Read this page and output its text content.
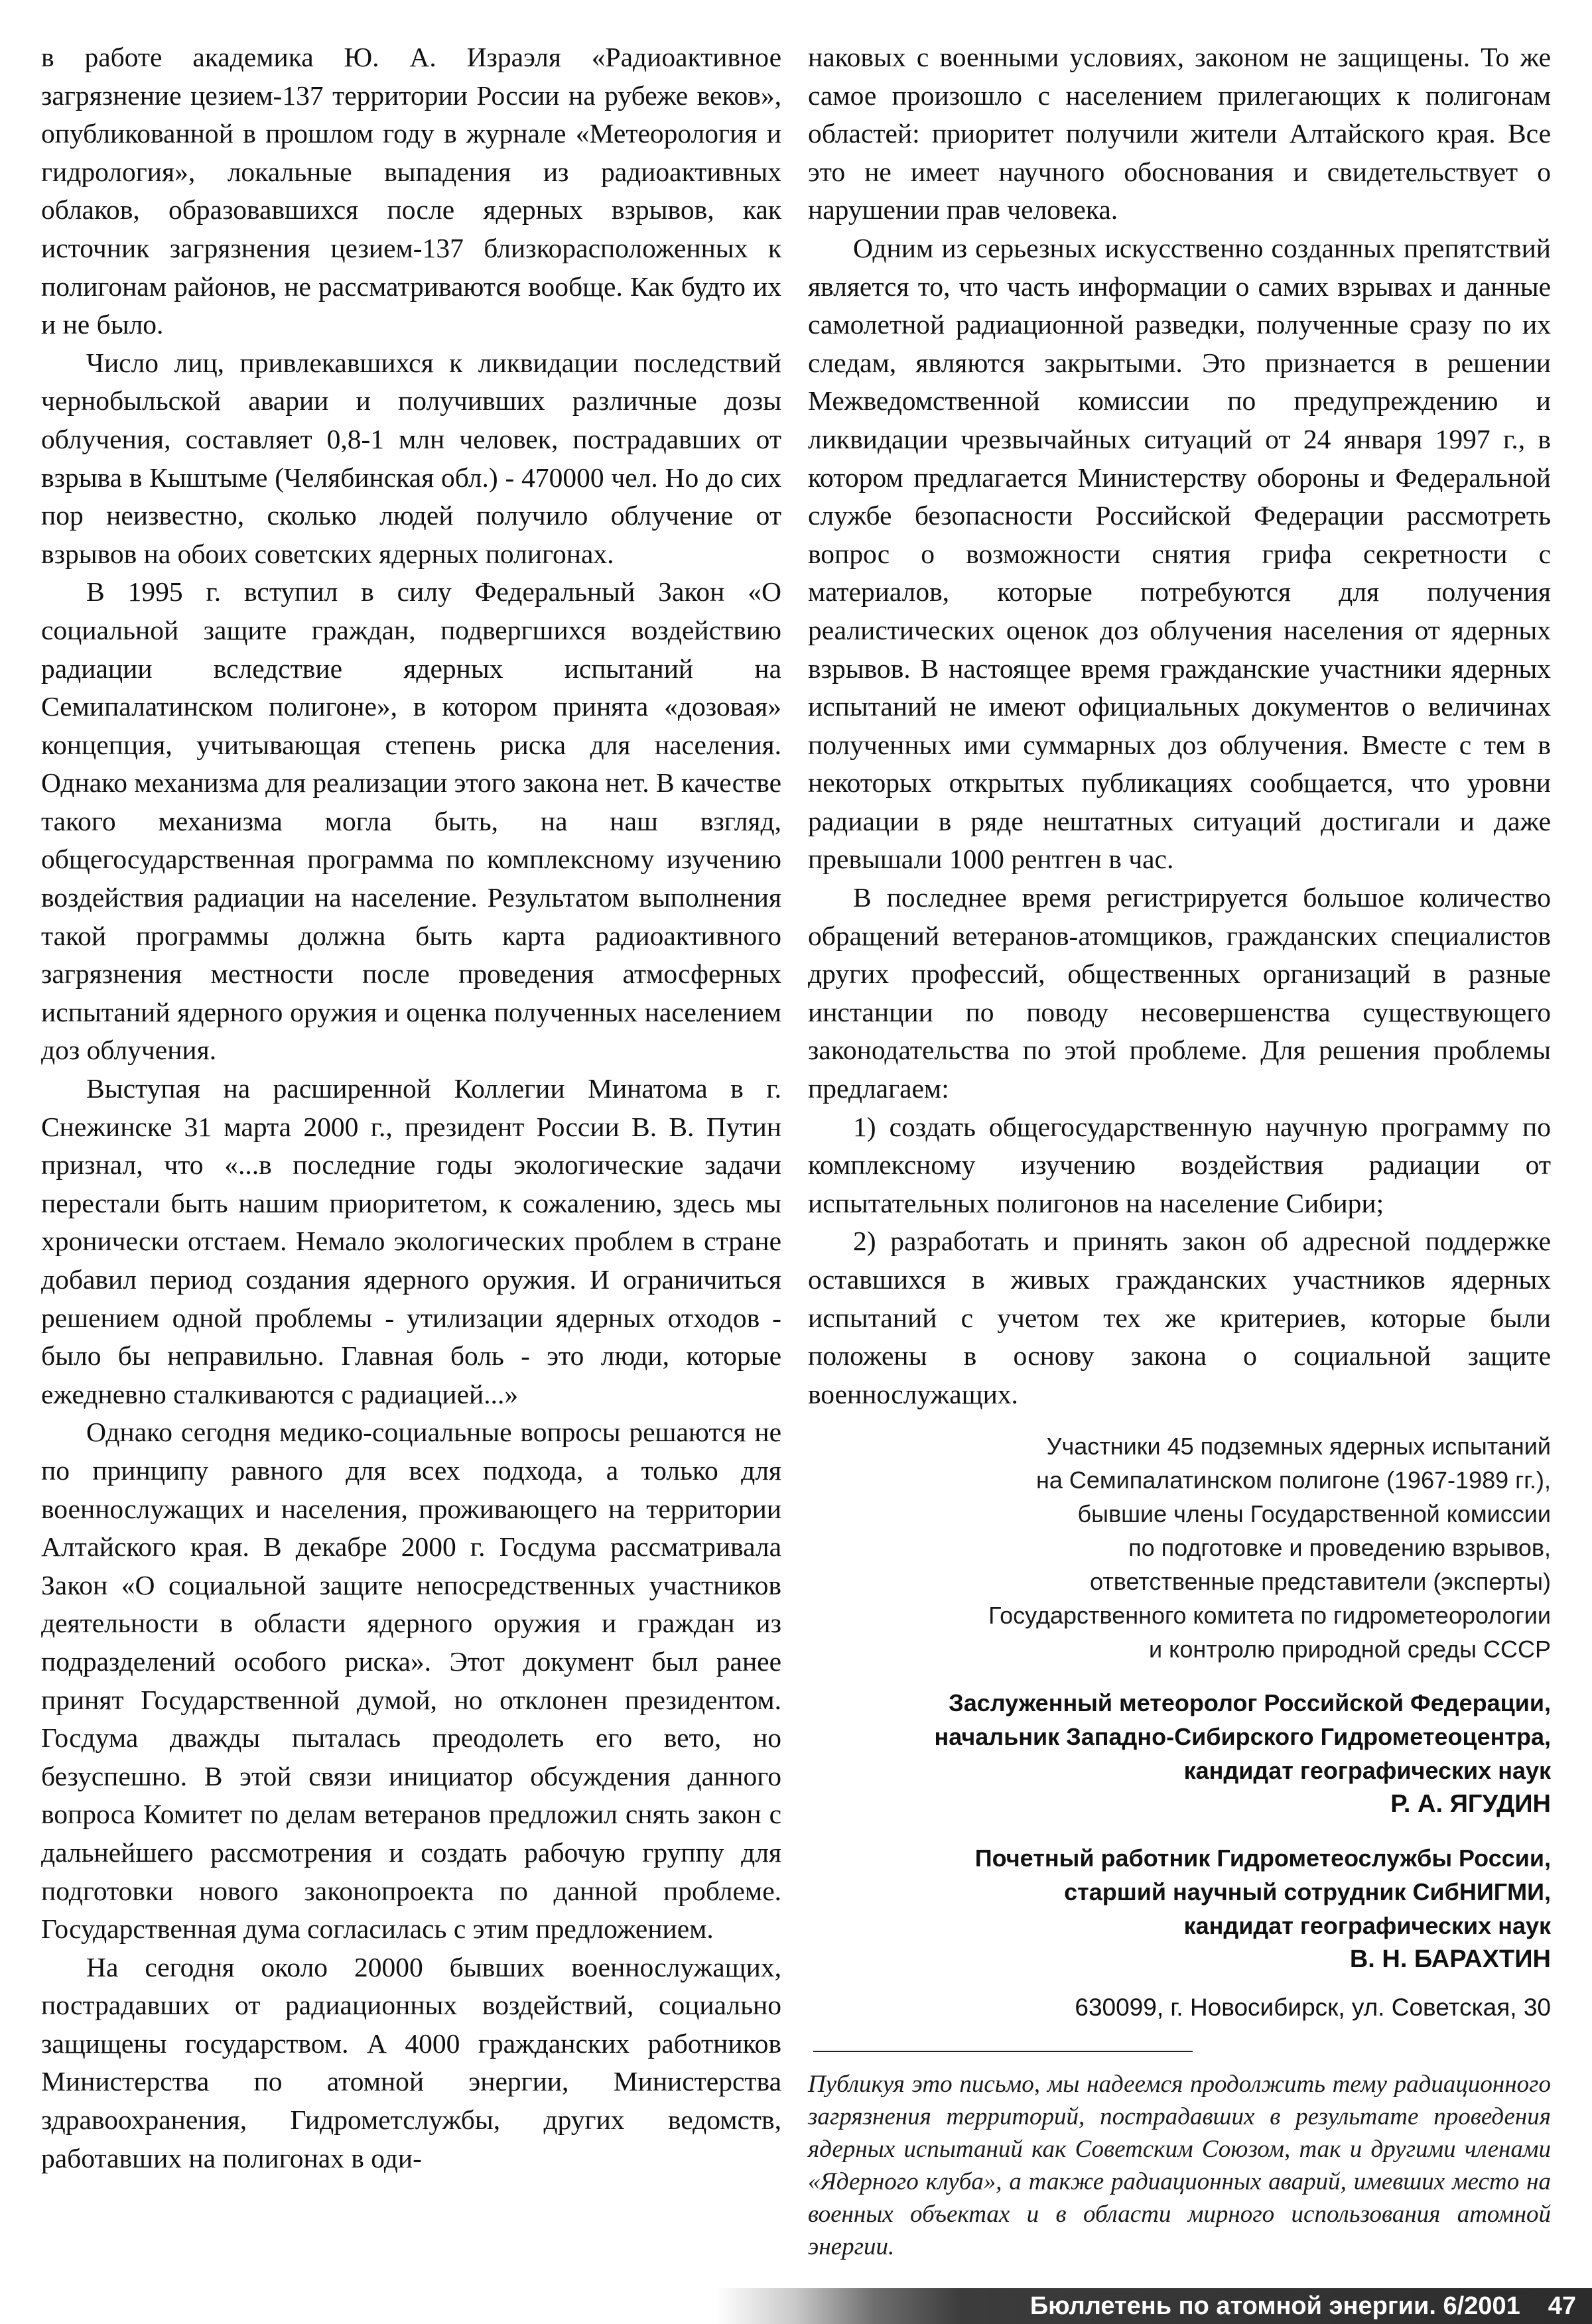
в работе академика Ю. А. Израэля «Радиоактивное загрязнение цезием-137 территории России на рубеже веков», опубликованной в прошлом году в журнале «Метеорология и гидрология», локальные выпадения из радиоактивных облаков, образовавшихся после ядерных взрывов, как источник загрязнения цезием-137 близкорасположенных к полигонам районов, не рассматриваются вообще. Как будто их и не было.

Число лиц, привлекавшихся к ликвидации последствий чернобыльской аварии и получивших различные дозы облучения, составляет 0,8-1 млн человек, пострадавших от взрыва в Кыштыме (Челябинская обл.) - 470000 чел. Но до сих пор неизвестно, сколько людей получило облучение от взрывов на обоих советских ядерных полигонах.

В 1995 г. вступил в силу Федеральный Закон «О социальной защите граждан, подвергшихся воздействию радиации вследствие ядерных испытаний на Семипалатинском полигоне», в котором принята «дозовая» концепция, учитывающая степень риска для населения. Однако механизма для реализации этого закона нет. В качестве такого механизма могла быть, на наш взгляд, общегосударственная программа по комплексному изучению воздействия радиации на население. Результатом выполнения такой программы должна быть карта радиоактивного загрязнения местности после проведения атмосферных испытаний ядерного оружия и оценка полученных населением доз облучения.

Выступая на расширенной Коллегии Минатома в г. Снежинске 31 марта 2000 г., президент России В. В. Путин признал, что «...в последние годы экологические задачи перестали быть нашим приоритетом, к сожалению, здесь мы хронически отстаем. Немало экологических проблем в стране добавил период создания ядерного оружия. И ограничиться решением одной проблемы - утилизации ядерных отходов - было бы неправильно. Главная боль - это люди, которые ежедневно сталкиваются с радиацией...»

Однако сегодня медико-социальные вопросы решаются не по принципу равного для всех подхода, а только для военнослужащих и населения, проживающего на территории Алтайского края. В декабре 2000 г. Госдума рассматривала Закон «О социальной защите непосредственных участников деятельности в области ядерного оружия и граждан из подразделений особого риска». Этот документ был ранее принят Государственной думой, но отклонен президентом. Госдума дважды пыталась преодолеть его вето, но безуспешно. В этой связи инициатор обсуждения данного вопроса Комитет по делам ветеранов предложил снять закон с дальнейшего рассмотрения и создать рабочую группу для подготовки нового законопроекта по данной проблеме. Государственная дума согласилась с этим предложением.

На сегодня около 20000 бывших военнослужащих, пострадавших от радиационных воздействий, социально защищены государством. А 4000 гражданских работников Министерства по атомной энергии, Министерства здравоохранения, Гидрометслужбы, других ведомств, работавших на полигонах в оди-

наковых с военными условиях, законом не защищены. То же самое произошло с населением прилегающих к полигонам областей: приоритет получили жители Алтайского края. Все это не имеет научного обоснования и свидетельствует о нарушении прав человека.

Одним из серьезных искусственно созданных препятствий является то, что часть информации о самих взрывах и данные самолетной радиационной разведки, полученные сразу по их следам, являются закрытыми. Это признается в решении Межведомственной комиссии по предупреждению и ликвидации чрезвычайных ситуаций от 24 января 1997 г., в котором предлагается Министерству обороны и Федеральной службе безопасности Российской Федерации рассмотреть вопрос о возможности снятия грифа секретности с материалов, которые потребуются для получения реалистических оценок доз облучения населения от ядерных взрывов. В настоящее время гражданские участники ядерных испытаний не имеют официальных документов о величинах полученных ими суммарных доз облучения. Вместе с тем в некоторых открытых публикациях сообщается, что уровни радиации в ряде нештатных ситуаций достигали и даже превышали 1000 рентген в час.

В последнее время регистрируется большое количество обращений ветеранов-атомщиков, гражданских специалистов других профессий, общественных организаций в разные инстанции по поводу несовершенства существующего законодательства по этой проблеме. Для решения проблемы предлагаем:

1) создать общегосударственную научную программу по комплексному изучению воздействия радиации от испытательных полигонов на население Сибири;

2) разработать и принять закон об адресной поддержке оставшихся в живых гражданских участников ядерных испытаний с учетом тех же критериев, которые были положены в основу закона о социальной защите военнослужащих.

Участники 45 подземных ядерных испытаний
на Семипалатинском полигоне (1967-1989 гг.),
бывшие члены Государственной комиссии
по подготовке и проведению взрывов,
ответственные представители (эксперты)
Государственного комитета по гидрометеорологии
и контролю природной среды СССР
Заслуженный метеоролог Российской Федерации,
начальник Западно-Сибирского Гидрометеоцентра,
кандидат географических наук
Р. А. ЯГУДИН
Почетный работник Гидрометеослужбы России,
старший научный сотрудник СибНИГМИ,
кандидат географических наук
В. Н. БАРАХТИН
630099, г. Новосибирск, ул. Советская, 30

Публикуя это письмо, мы надеемся продолжить тему радиационного загрязнения территорий, пострадавших в результате проведения ядерных испытаний как Советским Союзом, так и другими членами «Ядерного клуба», а также радиационных аварий, имевших место на военных объектах и в области мирного использования атомной энергии.

Бюллетень по атомной энергии. 6/2001 47
